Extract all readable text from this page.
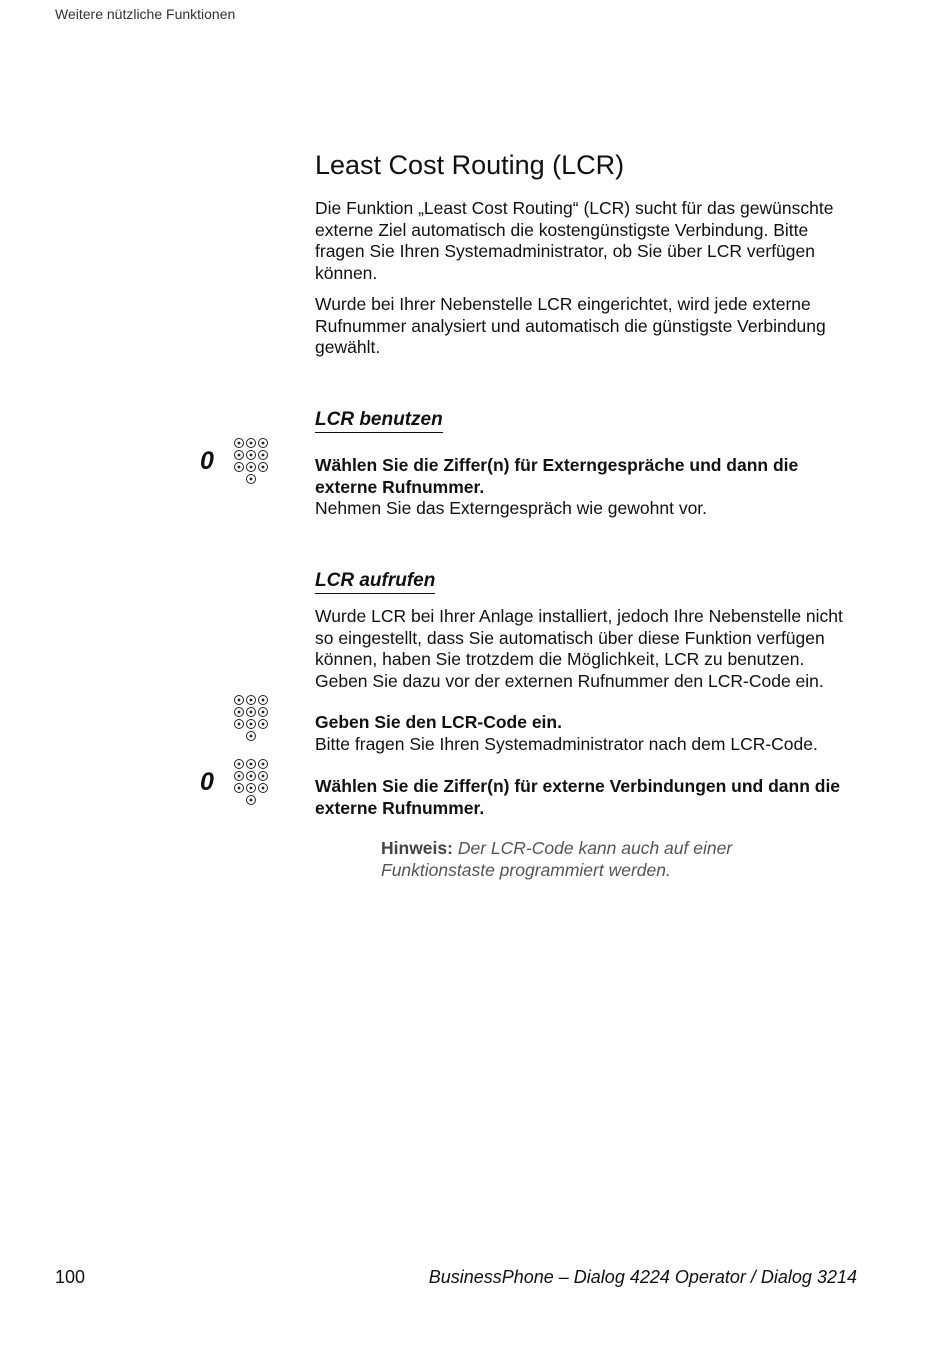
Weitere nützliche Funktionen
Least Cost Routing (LCR)

Die Funktion „Least Cost Routing“ (LCR) sucht für das gewünschte externe Ziel automatisch die kostengünstigste Verbindung. Bitte fragen Sie Ihren Systemadministrator, ob Sie über LCR verfügen können.

Wurde bei Ihrer Nebenstelle LCR eingerichtet, wird jede externe Rufnummer analysiert und automatisch die günstigste Verbindung gewählt.

LCR benutzen
0	Wählen Sie die Ziffer(n) für Externgespräche und dann die externe Rufnummer.
Nehmen Sie das Externgespräch wie gewohnt vor.
LCR aufrufen
Wurde LCR bei Ihrer Anlage installiert, jedoch Ihre Nebenstelle nicht so eingestellt, dass Sie automatisch über diese Funktion verfügen können, haben Sie trotzdem die Möglichkeit, LCR zu benutzen. Geben Sie dazu vor der externen Rufnummer den LCR-Code ein.
Geben Sie den LCR-Code ein.
Bitte fragen Sie Ihren Systemadministrator nach dem LCR-Code.
0	Wählen Sie die Ziffer(n) für externe Verbindungen und dann die externe Rufnummer.
Hinweis: Der LCR-Code kann auch auf einer Funktionstaste programmiert werden.
100	BusinessPhone – Dialog 4224 Operator / Dialog 3214
